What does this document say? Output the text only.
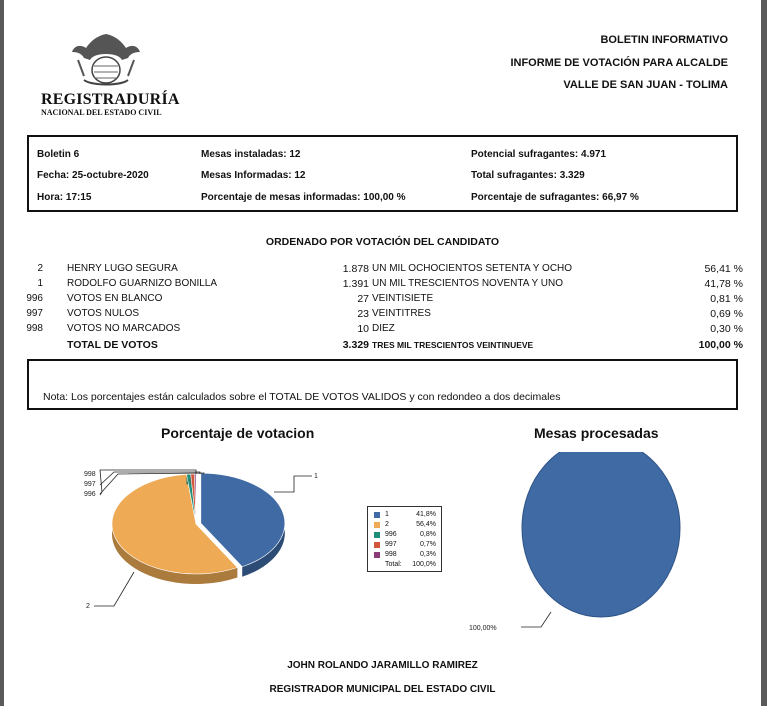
REGISTRADURÍA
NACIONAL DEL ESTADO CIVIL
BOLETIN INFORMATIVO
INFORME DE VOTACIÓN PARA ALCALDE
VALLE DE SAN JUAN - TOLIMA
Boletin 6
Fecha: 25-octubre-2020
Hora: 17:15
Mesas instaladas: 12
Mesas Informadas: 12
Porcentaje de mesas informadas: 100,00 %
Potencial sufragantes: 4.971
Total sufragantes: 3.329
Porcentaje de sufragantes: 66,97 %
ORDENADO POR VOTACIÓN DEL CANDIDATO
2 HENRY LUGO SEGURA	1.878 UN MIL OCHOCIENTOS SETENTA Y OCHO	56,41 %
1 RODOLFO GUARNIZO BONILLA	1.391 UN MIL TRESCIENTOS NOVENTA Y UNO	41,78 %
996 VOTOS EN BLANCO	27 VEINTISIETE	0,81 %
997 VOTOS NULOS	23 VEINTITRES	0,69 %
998 VOTOS NO MARCADOS	10 DIEZ	0,30 %
TOTAL DE VOTOS	3.329 TRES MIL TRESCIENTOS VEINTINUEVE	100,00 %
Nota: Los porcentajes están calculados sobre el TOTAL DE VOTOS VALIDOS y con redondeo a dos decimales
Porcentaje de votacion	Mesas procesadas
1
2
998
997
996
1	41,8%
2	56,4%
996	0,8%
997	0,7%
998	0,3%
Total: 100,0%
100,00%
JOHN ROLANDO JARAMILLO RAMIREZ
REGISTRADOR MUNICIPAL DEL ESTADO CIVIL
